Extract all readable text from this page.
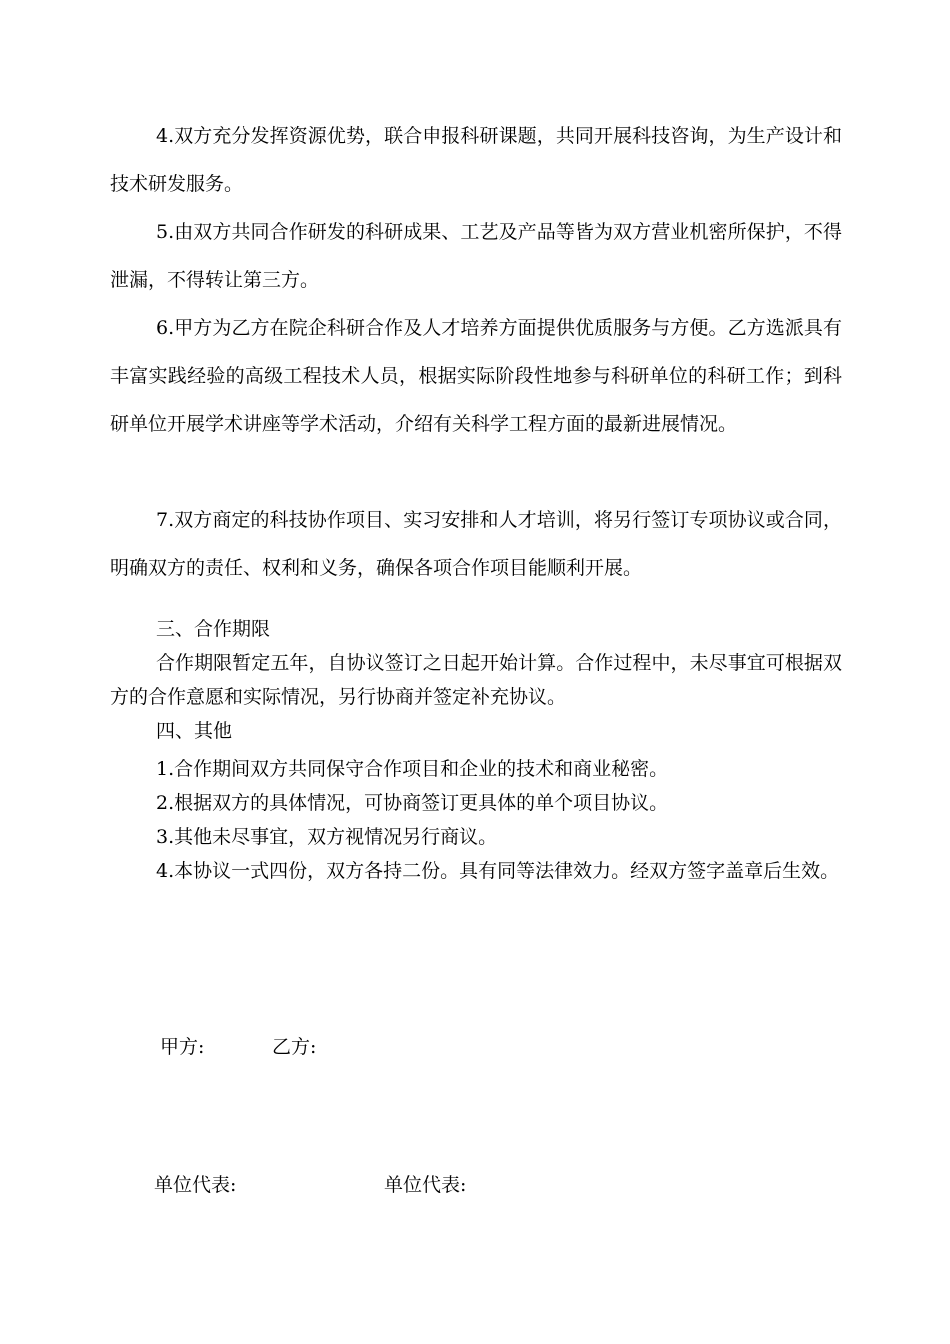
4.双方充分发挥资源优势，联合申报科研课题，共同开展科技咨询，为生产设计和技术研发服务。

5.由双方共同合作研发的科研成果、工艺及产品等皆为双方营业机密所保护，不得泄漏，不得转让第三方。

6.甲方为乙方在院企科研合作及人才培养方面提供优质服务与方便。乙方选派具有丰富实践经验的高级工程技术人员，根据实际阶段性地参与科研单位的科研工作；到科研单位开展学术讲座等学术活动，介绍有关科学工程方面的最新进展情况。

7.双方商定的科技协作项目、实习安排和人才培训，将另行签订专项协议或合同，明确双方的责任、权利和义务，确保各项合作项目能顺利开展。

三、合作期限

合作期限暂定五年，自协议签订之日起开始计算。合作过程中，未尽事宜可根据双方的合作意愿和实际情况，另行协商并签定补充协议。

四、其他

1.合作期间双方共同保守合作项目和企业的技术和商业秘密。

2.根据双方的具体情况，可协商签订更具体的单个项目协议。

3.其他未尽事宜，双方视情况另行商议。

4.本协议一式四份，双方各持二份。具有同等法律效力。经双方签字盖章后生效。

甲方:	乙方:

单位代表:	单位代表:
